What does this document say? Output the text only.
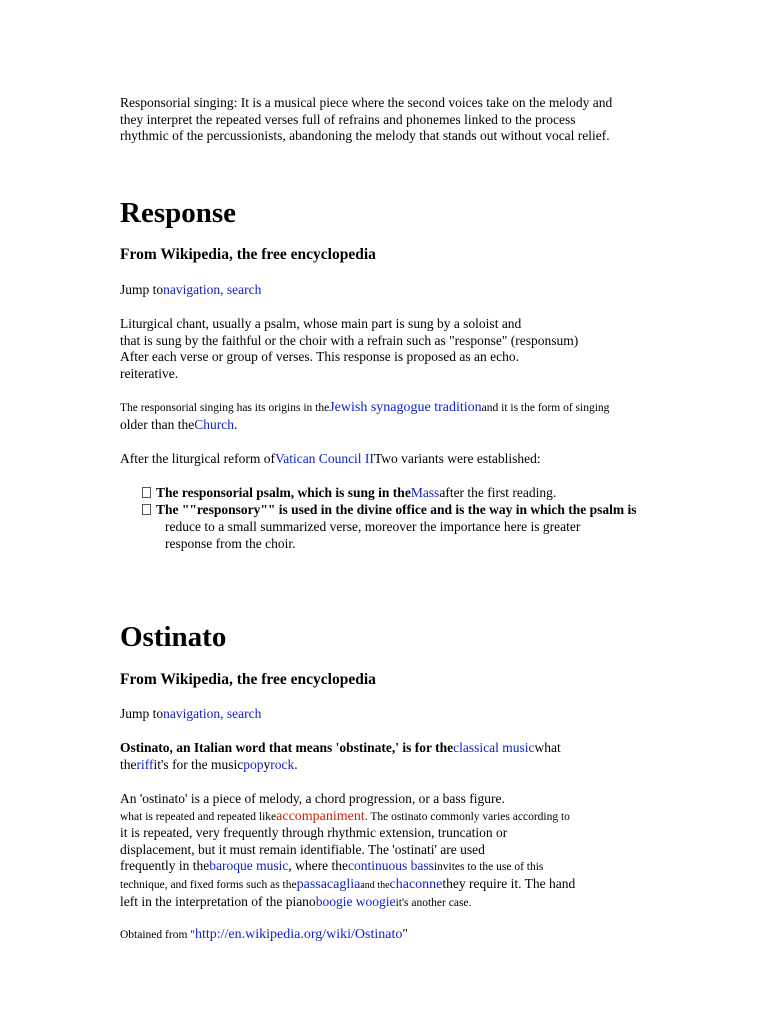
Responsorial singing: It is a musical piece where the second voices take on the melody and
they interpret the repeated verses full of refrains and phonemes linked to the process
rhythmic of the percussionists, abandoning the melody that stands out without vocal relief.
Response
From Wikipedia, the free encyclopedia
Jump tonavigation, search
Liturgical chant, usually a psalm, whose main part is sung by a soloist and
that is sung by the faithful or the choir with a refrain such as "response" (responsum)
After each verse or group of verses. This response is proposed as an echo.
reiterative.
The responsorial singing has its origins in theJewish synagogue traditionand it is the form of singing
older than theChurch.
After the liturgical reform ofVatican Council IITwo variants were established:
The responsorial psalm, which is sung in theMassafter the first reading.
The ""responsory"" is used in the divine office and is the way in which the psalm is
reduce to a small summarized verse, moreover the importance here is greater
response from the choir.
Ostinato
From Wikipedia, the free encyclopedia
Jump tonavigation, search
Ostinato, an Italian word that means 'obstinate,' is for theclassical musicwhat
theriffit's for the musicpopyrock.
An 'ostinato' is a piece of melody, a chord progression, or a bass figure.
what is repeated and repeated likeaccompaniment. The ostinato commonly varies according to
it is repeated, very frequently through rhythmic extension, truncation or
displacement, but it must remain identifiable. The 'ostinati' are used
frequently in thebaroque music, where thecontinuous bassinvites to the use of this
technique, and fixed forms such as thepassacagliaand thechaconnethey require it. The hand
left in the interpretation of the pianoboogie woogieit's another case.
Obtained from "http://en.wikipedia.org/wiki/Ostinato"
